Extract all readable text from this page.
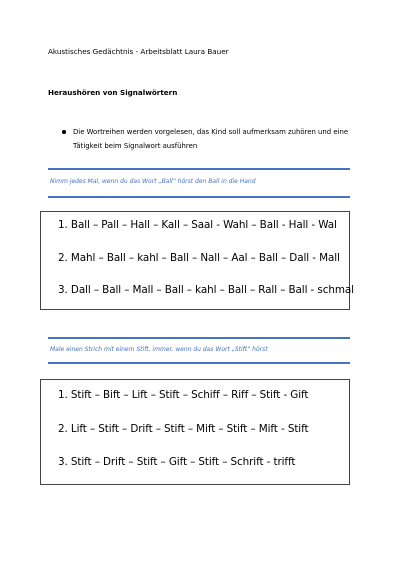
Akustisches Gedächtnis - Arbeitsblatt Laura Bauer
Heraushören von Signalwörtern
Die Wortreihen werden vorgelesen, das Kind soll aufmerksam zuhören und eine Tätigkeit beim Signalwort ausführen
Nimm jedes Mal, wenn du das Wort „Ball“ hörst den Ball in die Hand
1. Ball – Pall – Hall – Kall – Saal - Wahl – Ball - Hall - Wal
2. Mahl – Ball – kahl – Ball – Nall – Aal – Ball – Dall - Mall
3. Dall – Ball – Mall – Ball – kahl – Ball – Rall – Ball - schmal
Male einen Strich mit einem Stift, immer, wenn du das Wort „Stift“ hörst
1. Stift – Bift – Lift – Stift – Schiff – Riff – Stift - Gift
2. Lift – Stift – Drift – Stift – Mift – Stift – Mift - Stift
3. Stift – Drift – Stift – Gift – Stift – Schrift - trifft
